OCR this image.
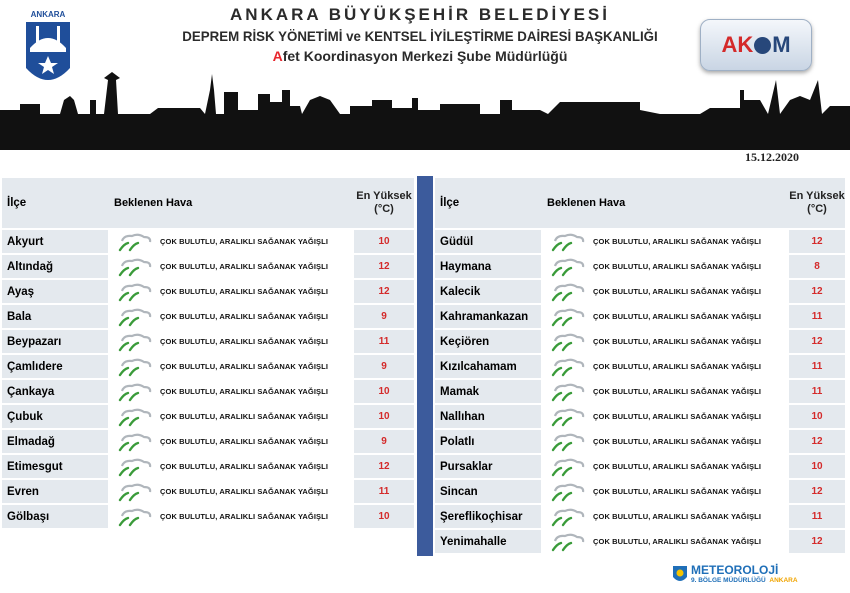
ANKARA	ANKARA BÜYÜKŞEHİR BELEDİYESİ
DEPREM RİSK YÖNETİMİ ve KENTSEL İYİLEŞTİRME DAİRESİ BAŞKANLIĞI
Afet Koordinasyon Merkezi Şube Müdürlüğü	AK M
15.12.2020
İlçe	Beklenen Hava	En Yüksek (°C)
Akyurt	ÇOK BULUTLU, ARALIKLI SAĞANAK YAĞIŞLI	10
Altındağ	ÇOK BULUTLU, ARALIKLI SAĞANAK YAĞIŞLI	12
Ayaş	ÇOK BULUTLU, ARALIKLI SAĞANAK YAĞIŞLI	12
Bala	ÇOK BULUTLU, ARALIKLI SAĞANAK YAĞIŞLI	9
Beypazarı	ÇOK BULUTLU, ARALIKLI SAĞANAK YAĞIŞLI	11
Çamlıdere	ÇOK BULUTLU, ARALIKLI SAĞANAK YAĞIŞLI	9
Çankaya	ÇOK BULUTLU, ARALIKLI SAĞANAK YAĞIŞLI	10
Çubuk	ÇOK BULUTLU, ARALIKLI SAĞANAK YAĞIŞLI	10
Elmadağ	ÇOK BULUTLU, ARALIKLI SAĞANAK YAĞIŞLI	9
Etimesgut	ÇOK BULUTLU, ARALIKLI SAĞANAK YAĞIŞLI	12
Evren	ÇOK BULUTLU, ARALIKLI SAĞANAK YAĞIŞLI	11
Gölbaşı	ÇOK BULUTLU, ARALIKLI SAĞANAK YAĞIŞLI	10
İlçe	Beklenen Hava	En Yüksek (°C)
Güdül	ÇOK BULUTLU, ARALIKLI SAĞANAK YAĞIŞLI	12
Haymana	ÇOK BULUTLU, ARALIKLI SAĞANAK YAĞIŞLI	8
Kalecik	ÇOK BULUTLU, ARALIKLI SAĞANAK YAĞIŞLI	12
Kahramankazan	ÇOK BULUTLU, ARALIKLI SAĞANAK YAĞIŞLI	11
Keçiören	ÇOK BULUTLU, ARALIKLI SAĞANAK YAĞIŞLI	12
Kızılcahamam	ÇOK BULUTLU, ARALIKLI SAĞANAK YAĞIŞLI	11
Mamak	ÇOK BULUTLU, ARALIKLI SAĞANAK YAĞIŞLI	11
Nallıhan	ÇOK BULUTLU, ARALIKLI SAĞANAK YAĞIŞLI	10
Polatlı	ÇOK BULUTLU, ARALIKLI SAĞANAK YAĞIŞLI	12
Pursaklar	ÇOK BULUTLU, ARALIKLI SAĞANAK YAĞIŞLI	10
Sincan	ÇOK BULUTLU, ARALIKLI SAĞANAK YAĞIŞLI	12
Şereflikoçhisar	ÇOK BULUTLU, ARALIKLI SAĞANAK YAĞIŞLI	11
Yenimahalle	ÇOK BULUTLU, ARALIKLI SAĞANAK YAĞIŞLI	12
METEOROLOJİ
9. BÖLGE MÜDÜRLÜĞÜ ANKARA
